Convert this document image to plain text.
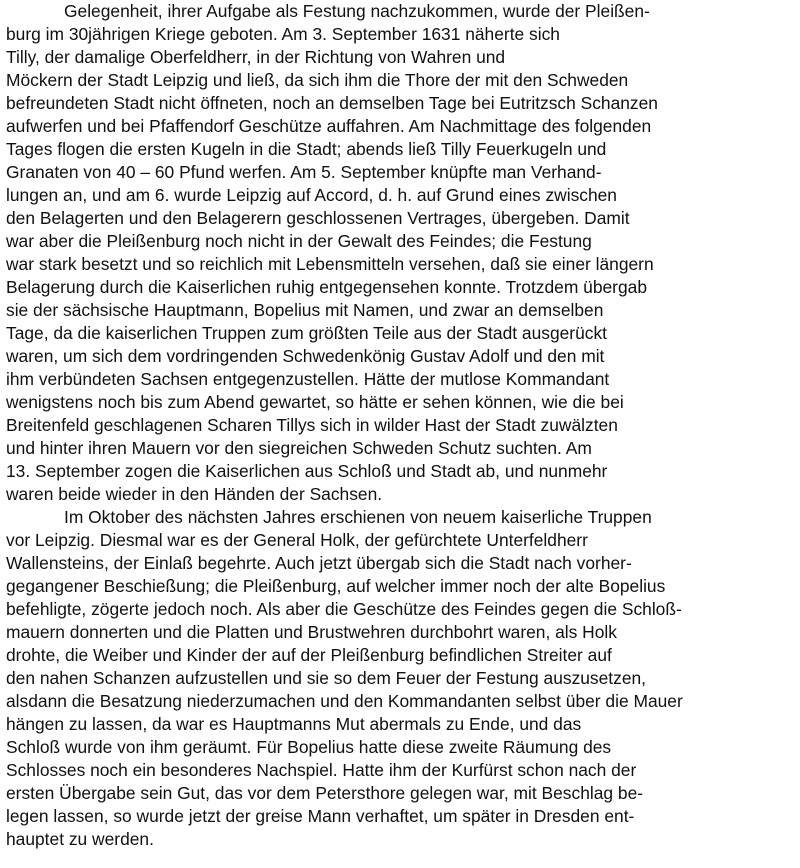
Gelegenheit, ihrer Aufgabe als Festung nachzukommen, wurde der Pleißen-
burg im 30jährigen Kriege geboten. Am 3. September 1631 näherte sich
Tilly, der damalige Oberfeldherr, in der Richtung von Wahren und
Möckern der Stadt Leipzig und ließ, da sich ihm die Thore der mit den Schweden
befreundeten Stadt nicht öffneten, noch an demselben Tage bei Eutritzsch Schanzen
aufwerfen und bei Pfaffendorf Geschütze auffahren. Am Nachmittage des folgenden
Tages flogen die ersten Kugeln in die Stadt; abends ließ Tilly Feuerkugeln und
Granaten von 40 – 60 Pfund werfen. Am 5. September knüpfte man Verhand-
lungen an, und am 6. wurde Leipzig auf Accord, d. h. auf Grund eines zwischen
den Belagerten und den Belagerern geschlossenen Vertrages, übergeben. Damit
war aber die Pleißenburg noch nicht in der Gewalt des Feindes; die Festung
war stark besetzt und so reichlich mit Lebensmitteln versehen, daß sie einer längern
Belagerung durch die Kaiserlichen ruhig entgegensehen konnte. Trotzdem übergab
sie der sächsische Hauptmann, Bopelius mit Namen, und zwar an demselben
Tage, da die kaiserlichen Truppen zum größten Teile aus der Stadt ausgerückt
waren, um sich dem vordringenden Schwedenkönig Gustav Adolf und den mit
ihm verbündeten Sachsen entgegenzustellen. Hätte der mutlose Kommandant
wenigstens noch bis zum Abend gewartet, so hätte er sehen können, wie die bei
Breitenfeld geschlagenen Scharen Tillys sich in wilder Hast der Stadt zuwälzten
und hinter ihren Mauern vor den siegreichen Schweden Schutz suchten. Am
13. September zogen die Kaiserlichen aus Schloß und Stadt ab, und nunmehr
waren beide wieder in den Händen der Sachsen.
Im Oktober des nächsten Jahres erschienen von neuem kaiserliche Truppen
vor Leipzig. Diesmal war es der General Holk, der gefürchtete Unterfeldherr
Wallensteins, der Einlaß begehrte. Auch jetzt übergab sich die Stadt nach vorher-
gegangener Beschießung; die Pleißenburg, auf welcher immer noch der alte Bopelius
befehligte, zögerte jedoch noch. Als aber die Geschütze des Feindes gegen die Schloß-
mauern donnerten und die Platten und Brustwehren durchbohrt waren, als Holk
drohte, die Weiber und Kinder der auf der Pleißenburg befindlichen Streiter auf
den nahen Schanzen aufzustellen und sie so dem Feuer der Festung auszusetzen,
alsdann die Besatzung niederzumachen und den Kommandanten selbst über die Mauer
hängen zu lassen, da war es Hauptmanns Mut abermals zu Ende, und das
Schloß wurde von ihm geräumt. Für Bopelius hatte diese zweite Räumung des
Schlosses noch ein besonderes Nachspiel. Hatte ihm der Kurfürst schon nach der
ersten Übergabe sein Gut, das vor dem Petersthore gelegen war, mit Beschlag be-
legen lassen, so wurde jetzt der greise Mann verhaftet, um später in Dresden ent-
hauptet zu werden.
